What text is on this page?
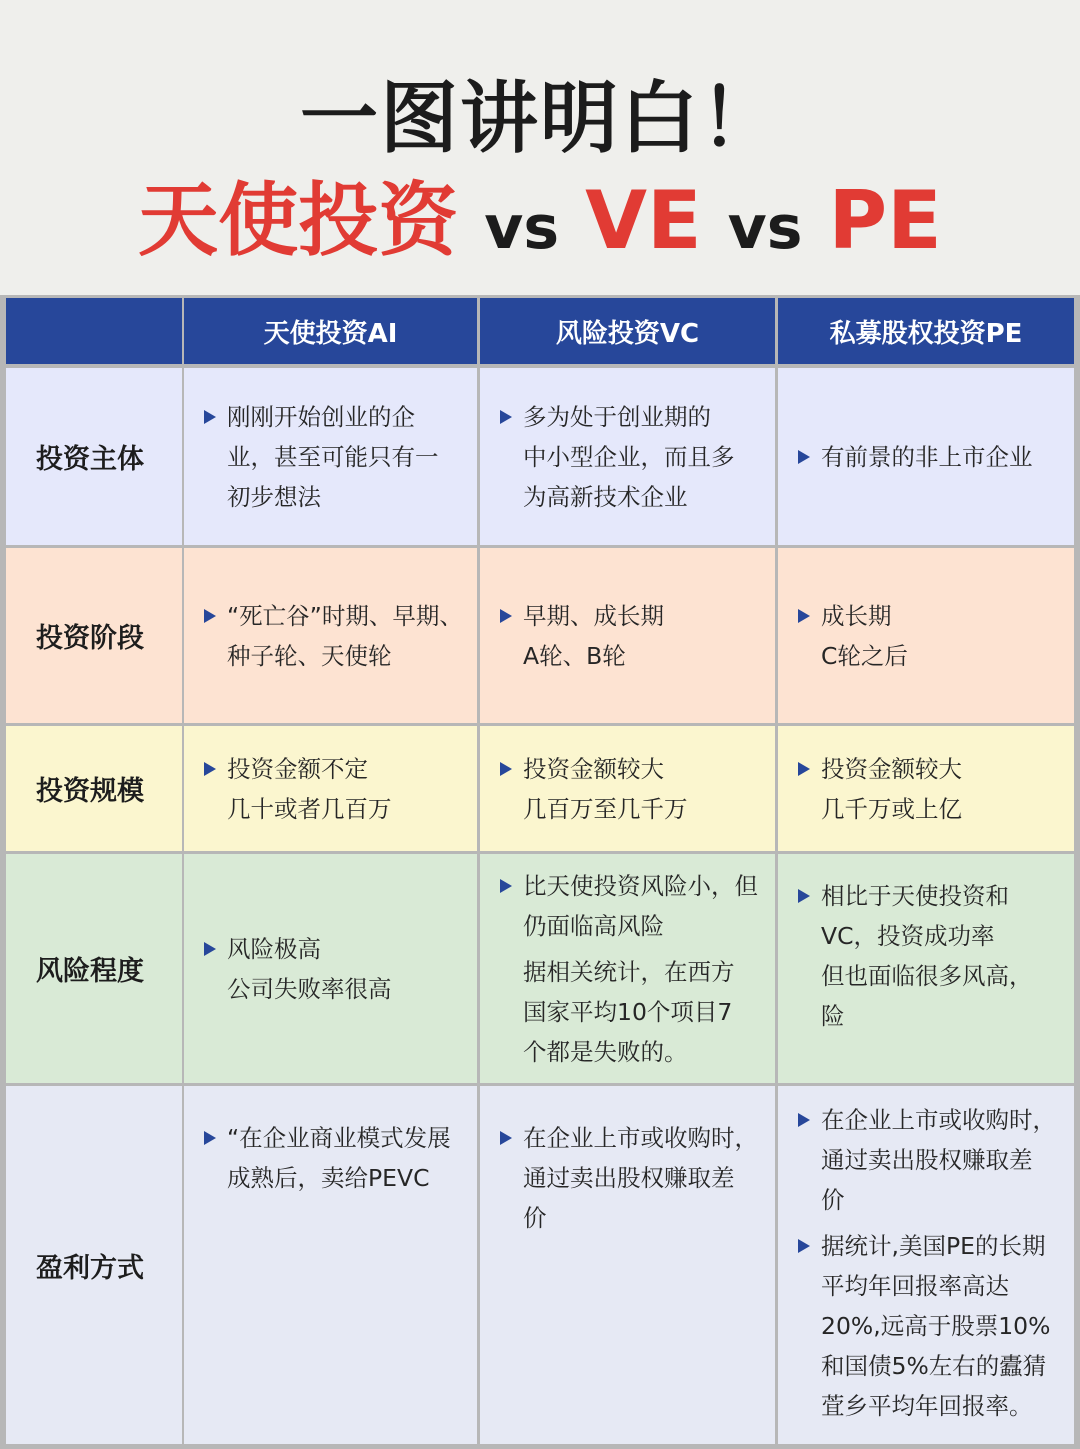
一图讲明白！
天使投资 vs VE vs PE
天使投资AI	风险投资VC	私募股权投资PE
投资主体
刚刚开始创业的企
业，甚至可能只有一
初步想法
多为处于创业期的
中小型企业，而且多
为高新技术企业
有前景的非上市企业
投资阶段
“死亡谷”时期、早期、
种子轮、天使轮
早期、成长期
A轮、B轮
成长期
C轮之后
投资规模
投资金额不定
几十或者几百万
投资金额较大
几百万至几千万
投资金额较大
几千万或上亿
风险程度
风险极高
公司失败率很高
比天使投资风险小，但
仍面临高风险
据相关统计，在西方
国家平均10个项目7
个都是失败的。
相比于天使投资和
VC，投资成功率
但也面临很多风高，
险
盈利方式
“在企业商业模式发展
成熟后，卖给PEVC
在企业上市或收购时，
通过卖出股权赚取差
价
在企业上市或收购时，
通过卖出股权赚取差
价
据统计,美国PE的长期
平均年回报率高达
20%,远高于股票10%
和国债5%左右的蠹猜
萓乡平均年回报率。
